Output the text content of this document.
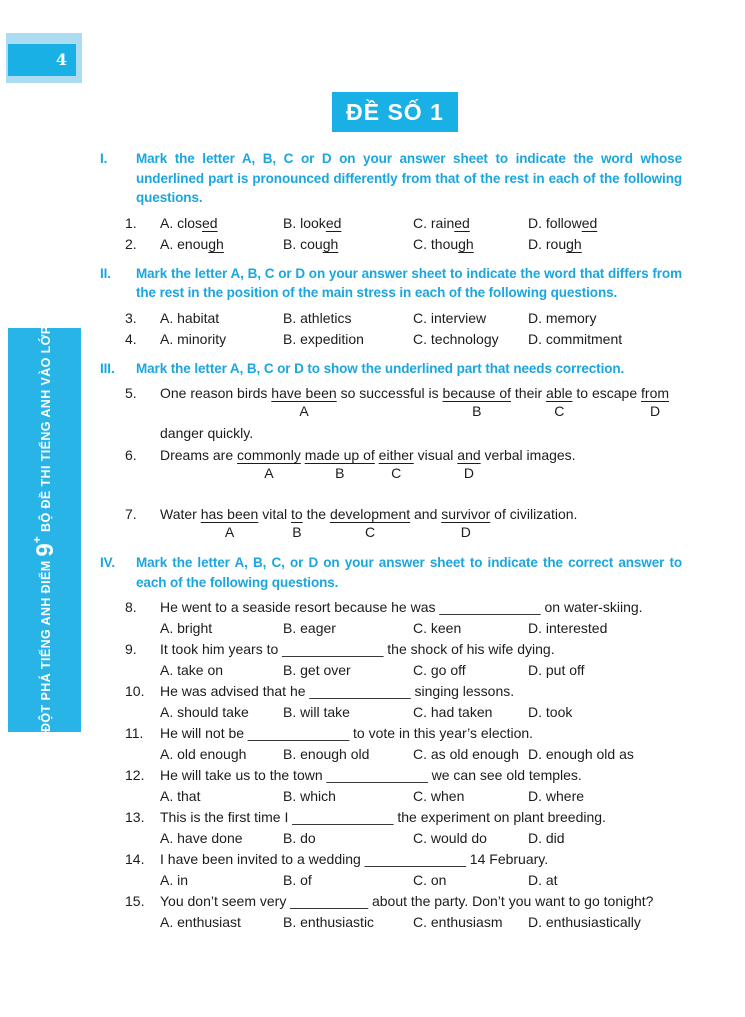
4
ĐỘT PHÁ TIẾNG ANH ĐIỂM 9+ BỘ ĐỀ THI TIẾNG ANH VÀO LỚP 10
ĐỀ SỐ 1
I.	Mark the letter A, B, C or D on your answer sheet to indicate the word whose underlined part is pronounced differently from that of the rest in each of the following questions.
1.	A. closed	B. looked	C. rained	D. followed
2.	A. enough	B. cough	C. though	D. rough
II.	Mark the letter A, B, C or D on your answer sheet to indicate the word that differs from the rest in the position of the main stress in each of the following questions.
3.	A. habitat	B. athletics	C. interview	D. memory
4.	A. minority	B. expedition	C. technology	D. commitment
III.	Mark the letter A, B, C or D to show the underlined part that needs correction.
5.	One reason birds have been
A
so successful is because of
B
their able
C
to escape from
D
danger quickly.
6.	Dreams are commonly
A
made up of
B
either
C
visual and
D
verbal images.
7.	Water has been
A
vital to
B
the development
C
and survivor
D
of civilization.
IV.	Mark the letter A, B, C, or D on your answer sheet to indicate the correct answer to each of the following questions.
8.	He went to a seaside resort because he was _____________ on water-skiing.
A. bright	B. eager	C. keen	D. interested
9.	It took him years to _____________ the shock of his wife dying.
A. take on	B. get over	C. go off	D. put off
10.	He was advised that he _____________ singing lessons.
A. should take	B. will take	C. had taken	D. took
11.	He will not be _____________ to vote in this year’s election.
A. old enough	B. enough old	C. as old enough D. enough old as
12.	He will take us to the town _____________ we can see old temples.
A. that	B. which	C. when	D. where
13.	This is the first time I _____________ the experiment on plant breeding.
A. have done	B. do	C. would do	D. did
14.	I have been invited to a wedding _____________ 14 February.
A. in	B. of	C. on	D. at
15.	You don’t seem very __________ about the party. Don’t you want to go tonight?
A. enthusiast	B. enthusiastic	C. enthusiasm	D. enthusiastically
